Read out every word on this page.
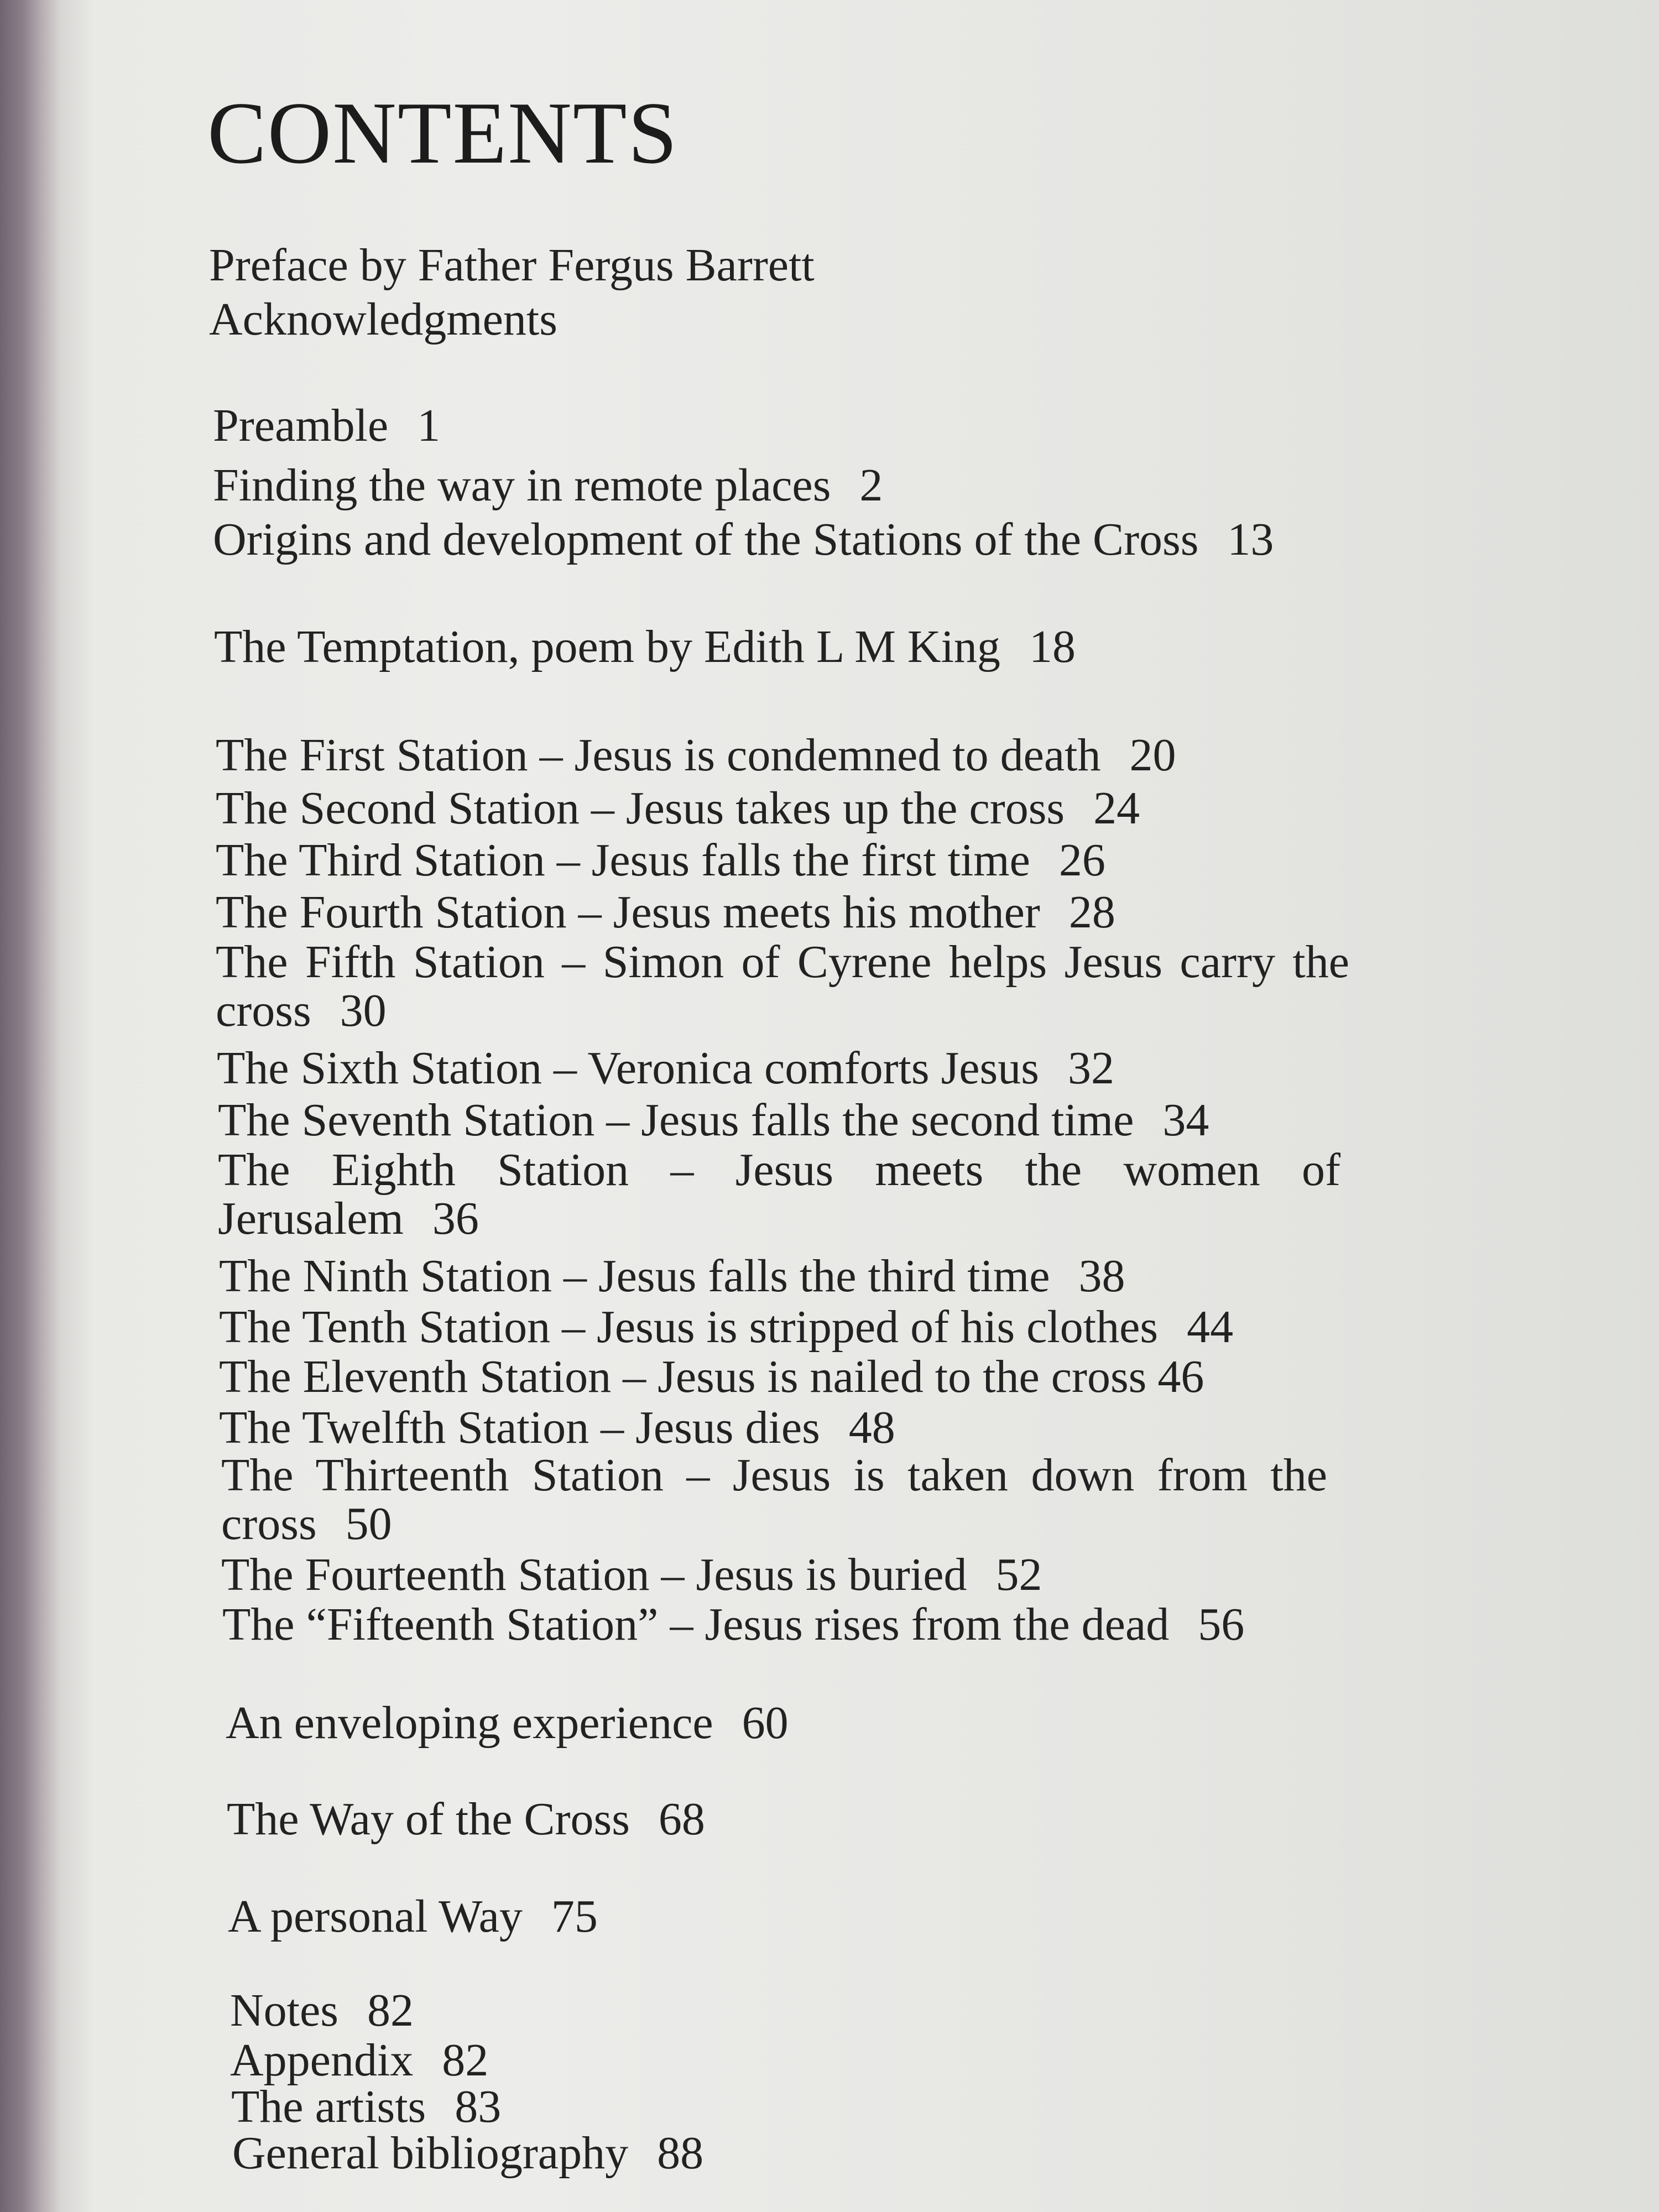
CONTENTS
Preface by Father Fergus Barrett
Acknowledgments
Preamble 1
Finding the way in remote places 2
Origins and development of the Stations of the Cross 13
The Temptation, poem by Edith L M King 18
The First Station – Jesus is condemned to death 20
The Second Station – Jesus takes up the cross 24
The Third Station – Jesus falls the first time 26
The Fourth Station – Jesus meets his mother 28
The Fifth Station – Simon of Cyrene helps Jesus carry the cross 30
The Sixth Station – Veronica comforts Jesus 32
The Seventh Station – Jesus falls the second time 34
The Eighth Station – Jesus meets the women of Jerusalem 36
The Ninth Station – Jesus falls the third time 38
The Tenth Station – Jesus is stripped of his clothes 44
The Eleventh Station – Jesus is nailed to the cross 46
The Twelfth Station – Jesus dies 48
The Thirteenth Station – Jesus is taken down from the cross 50
The Fourteenth Station – Jesus is buried 52
The “Fifteenth Station” – Jesus rises from the dead 56
An enveloping experience 60
The Way of the Cross 68
A personal Way 75
Notes 82
Appendix 82
The artists 83
General bibliography 88
